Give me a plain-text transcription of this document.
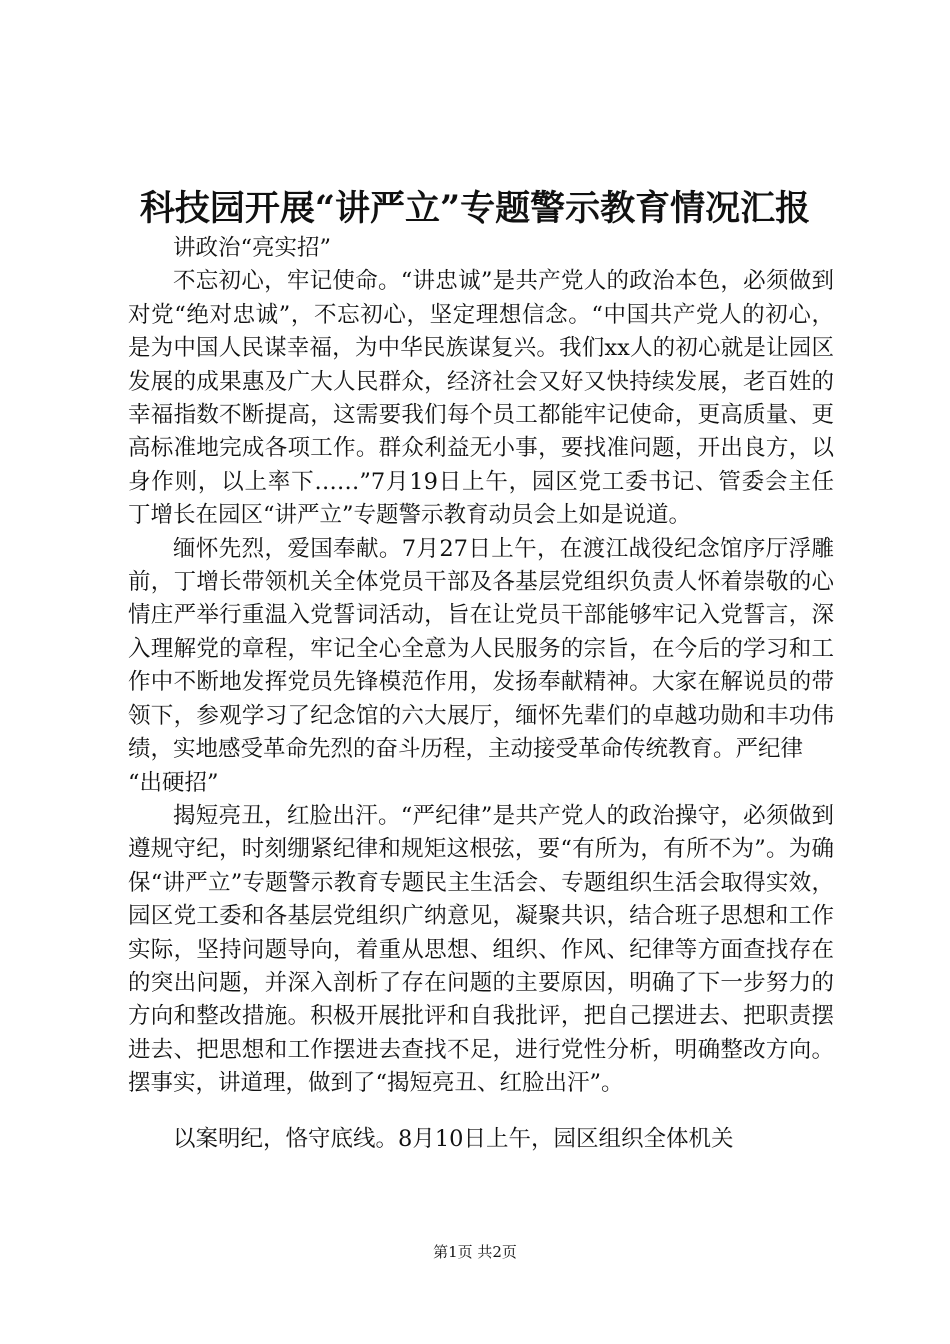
科技园开展“讲严立”专题警示教育情况汇报

讲政治“亮实招”

不忘初心，牢记使命。“讲忠诚”是共产党人的政治本色，必须做到对党“绝对忠诚”，不忘初心，坚定理想信念。“中国共产党人的初心，是为中国人民谋幸福，为中华民族谋复兴。我们xx人的初心就是让园区发展的成果惠及广大人民群众，经济社会又好又快持续发展，老百姓的幸福指数不断提高，这需要我们每个员工都能牢记使命，更高质量、更高标准地完成各项工作。群众利益无小事，要找准问题，开出良方，以身作则，以上率下……”7月19日上午，园区党工委书记、管委会主任丁增长在园区“讲严立”专题警示教育动员会上如是说道。

缅怀先烈，爱国奉献。7月27日上午，在渡江战役纪念馆序厅浮雕前，丁增长带领机关全体党员干部及各基层党组织负责人怀着崇敬的心情庄严举行重温入党誓词活动，旨在让党员干部能够牢记入党誓言，深入理解党的章程，牢记全心全意为人民服务的宗旨，在今后的学习和工作中不断地发挥党员先锋模范作用，发扬奉献精神。大家在解说员的带领下，参观学习了纪念馆的六大展厅，缅怀先辈们的卓越功勋和丰功伟绩，实地感受革命先烈的奋斗历程，主动接受革命传统教育。严纪律

“出硬招”

揭短亮丑，红脸出汗。“严纪律”是共产党人的政治操守，必须做到遵规守纪，时刻绷紧纪律和规矩这根弦，要“有所为，有所不为”。为确保“讲严立”专题警示教育专题民主生活会、专题组织生活会取得实效，园区党工委和各基层党组织广纳意见，凝聚共识，结合班子思想和工作实际，坚持问题导向，着重从思想、组织、作风、纪律等方面查找存在的突出问题，并深入剖析了存在问题的主要原因，明确了下一步努力的方向和整改措施。积极开展批评和自我批评，把自己摆进去、把职责摆进去、把思想和工作摆进去查找不足，进行党性分析，明确整改方向。摆事实，讲道理，做到了“揭短亮丑、红脸出汗”。

以案明纪，恪守底线。8月10日上午，园区组织全体机关

第1页 共2页
